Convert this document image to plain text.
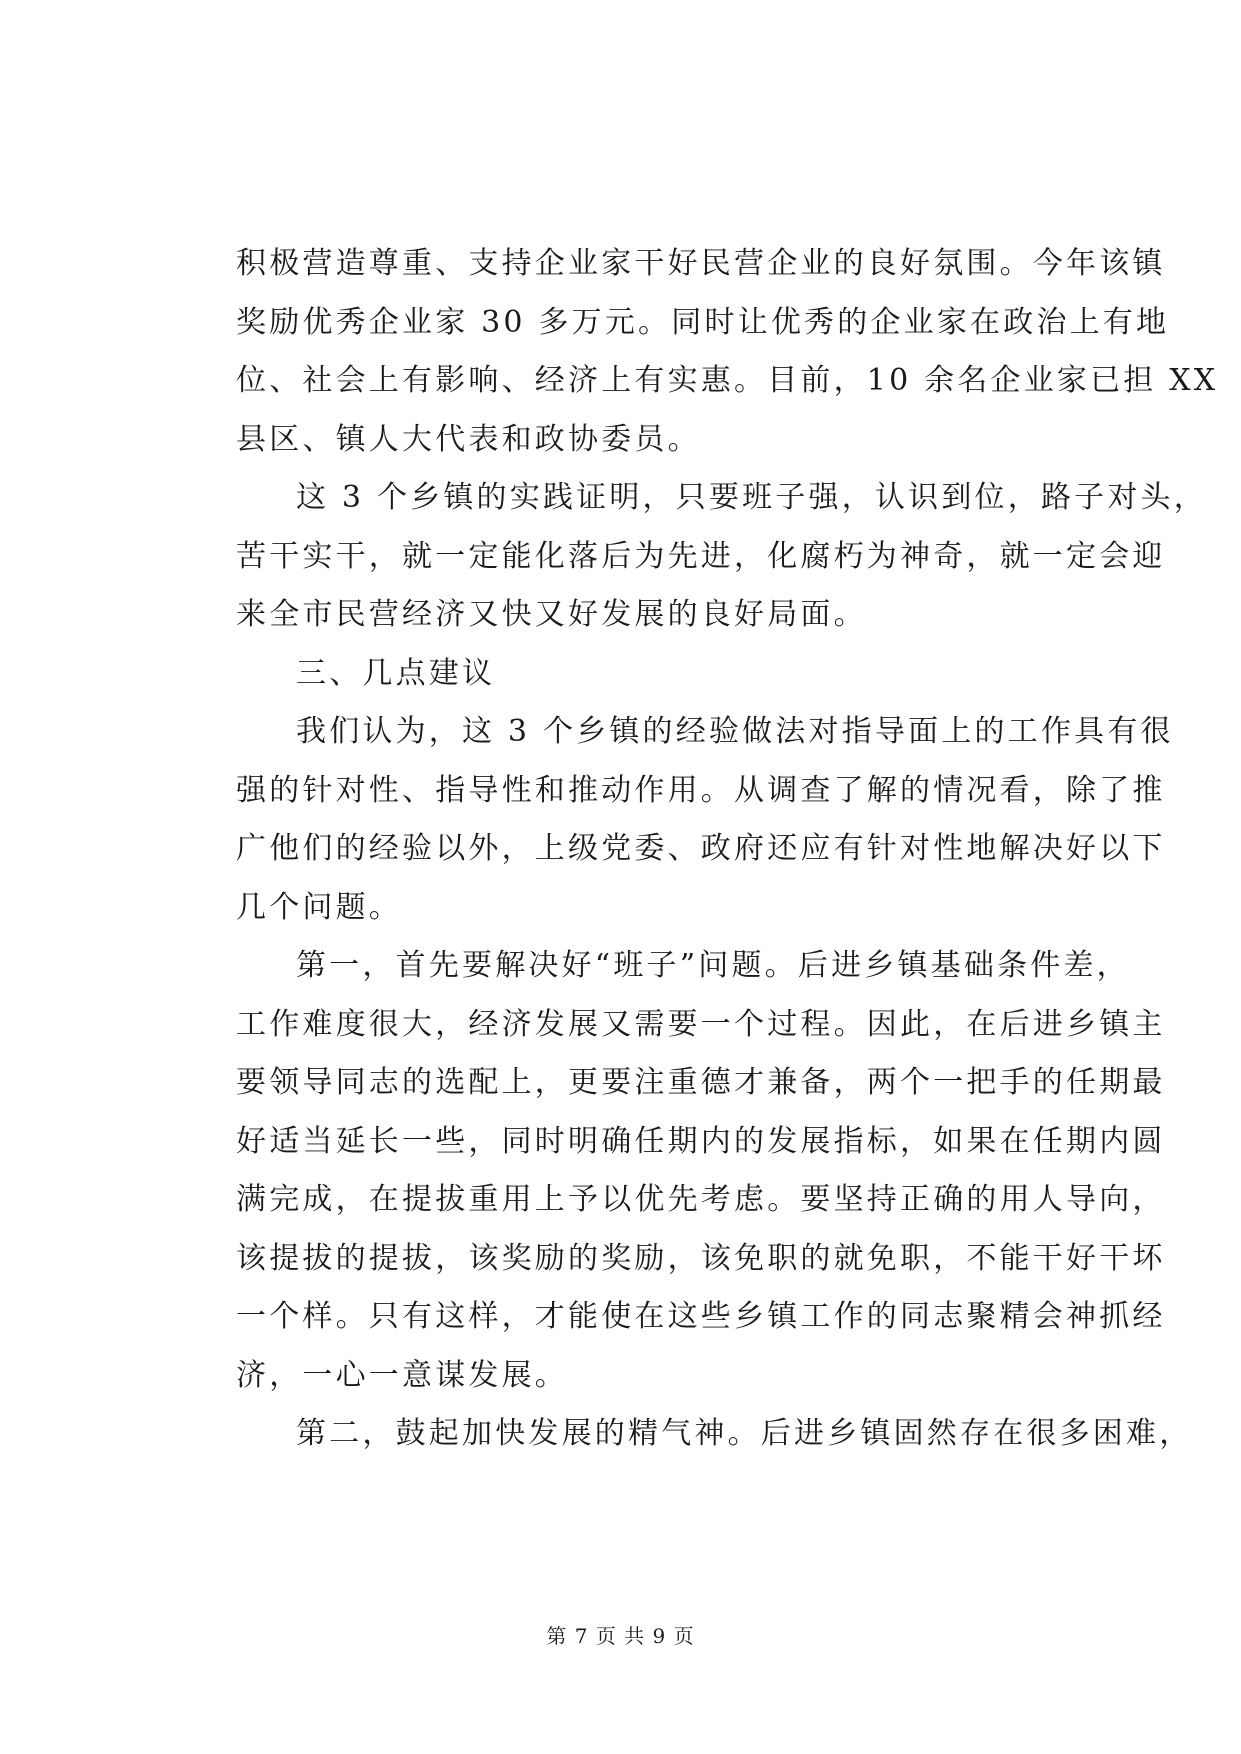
积极营造尊重、支持企业家干好民营企业的良好氛围。今年该镇
奖励优秀企业家 30 多万元。同时让优秀的企业家在政治上有地
位、社会上有影响、经济上有实惠。目前，10 余名企业家已担 XX
县区、镇人大代表和政协委员。
这 3 个乡镇的实践证明，只要班子强，认识到位，路子对头，
苦干实干，就一定能化落后为先进，化腐朽为神奇，就一定会迎
来全市民营经济又快又好发展的良好局面。
三、几点建议
我们认为，这 3 个乡镇的经验做法对指导面上的工作具有很
强的针对性、指导性和推动作用。从调查了解的情况看，除了推
广他们的经验以外，上级党委、政府还应有针对性地解决好以下
几个问题。
第一，首先要解决好“班子”问题。后进乡镇基础条件差，
工作难度很大，经济发展又需要一个过程。因此，在后进乡镇主
要领导同志的选配上，更要注重德才兼备，两个一把手的任期最
好适当延长一些，同时明确任期内的发展指标，如果在任期内圆
满完成，在提拔重用上予以优先考虑。要坚持正确的用人导向，
该提拔的提拔，该奖励的奖励，该免职的就免职，不能干好干坏
一个样。只有这样，才能使在这些乡镇工作的同志聚精会神抓经
济，一心一意谋发展。
第二，鼓起加快发展的精气神。后进乡镇固然存在很多困难，
第 7 页 共 9 页
